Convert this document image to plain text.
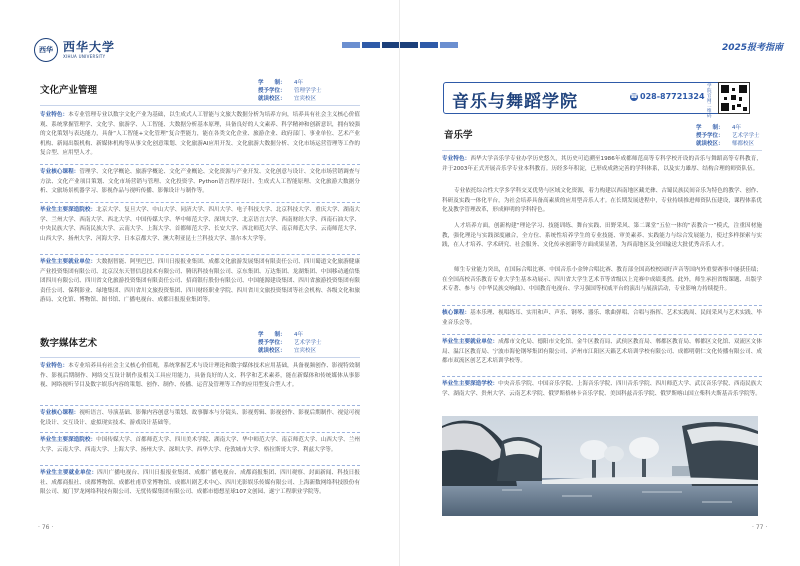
西华 西华大学
XIHUA UNIVERSITY
文化产业管理
学　　制： 4年
授予学位： 管理学学士
就读校区： 宜宾校区
专业特色：本专业管理专业以数字文化产业为基础，以生成式人工智能与文旅大数据分析为培养方向，培养具有社会主义核心价值观、系统掌握管理学、文化学、旅游学、人工智能、大数据分析基本原理，具备良好的人文素养、科学精神和创新意识，拥有较强的文化策划与表达能力，具备“人工智能+文化管理”复合型能力，能在各类文化企业、旅游企业、政府部门、事业单位、艺术产业机构、新闻出版机构、新媒体机构等从事文化创意策划、文化旅游AI应用开发、文化旅游大数据分析、文化市场运营管理等工作的复合型、应用型人才。
专业核心课程：管理学、文化学概论、旅游学概论、文化产业概论、文化资源与产业开发、文化创意与设计、文化市场营销调查与方法、文化产业项目策划、文化市场营销与管理、文化投资学、Python语言程序设计、生成式人工智能原理、文化旅游大数据分析、文旅场景机器学习、影视作品与视听传播、影像设计与制作等。
毕业生主要深造院校：北京大学、复旦大学、中山大学、同济大学、四川大学、电子科技大学、北京科技大学、重庆大学、湖南大学、兰州大学、西南大学、西北大学、中国传媒大学、华中师范大学、深圳大学、北京语言大学、西南财经大学、西南石油大学、中央民族大学、西南民族大学、云南大学、上海大学、首都师范大学、长安大学、西北师范大学、南京师范大学、云南师范大学、山西大学、扬州大学、河海大学、日本京都大学、澳大利亚昆士兰科技大学、墨尔本大学等。
毕业生主要就业单位：大数据智能、阿里巴巴、四川日报报业集团、成都文化旅游发展集团有限责任公司、四川蜀道文化旅游健康产业投资集团有限公司、北京汉东天智信息技术有限公司、腾讯科技有限公司、京东集团、万达集团、龙湖集团、中国移动通信集团四川有限公司、四川省文化旅游投资集团有限责任公司、招商银行股份有限公司、中国能源建设集团、四川省旅游投资集团有限责任公司、保利影业、绿地集团、四川省川文旅投资集团、四川财经职业学院、四川省川文旅投资集团等社会机构、各级文化和旅游局、文化馆、博物馆、图书馆、广播电视台、成都日报报业集团等。
数字媒体艺术
学　　制： 4年
授予学位： 艺术学学士
就读校区： 宜宾校区
专业特色：本专业培养具有社会主义核心价值观，系统掌握艺术与设计理论和数字媒体技术应用基础，具备视频创作、影视特效制作、影视后期制作、网络交互设计制作及相关工具应用能力，具备良好的人文、科学和艺术素养，能在新媒体和传统媒体从事影视、网络视听节目及数字娱乐内容的策划、创作、制作、传播、运营及管理等工作的应用型复合型人才。
专业核心课程：视听语言、导演基础、影像内容创意与策划、故事脚本与分镜头、影视剪辑、影视创作、影视后期制作、视觉可视化设计、交互设计、虚拟现实技术、游戏设计基础等。
毕业生主要深造院校：中国传媒大学、首都师范大学、四川美术学院、湖南大学、华中师范大学、南京师范大学、山西大学、兰州大学、云南大学、西南大学、上海大学、扬州大学、深圳大学、西华大学、伦敦城市大学、格拉斯哥大学、利兹大学等。
毕业生主要就业单位：四川广播电视台、四川日报报业集团、成都广播电视台、成都商报集团、四川观察、封面新闻、科技日报社、成都商报社、成都博物馆、成都杜甫草堂博物馆、成都川剧艺术中心、四川光影娱乐传媒有限公司、上海新数网络科技股份有限公司、厦门罗龙网络科技有限公司、无忧传媒集团有限公司、成都市德想星球107文创园、遂宁工程职业学院等。
· 76 ·
2025报考指南
音乐与舞蹈学院	☎ 028-87721324
学院官网二维码
音乐学
学　　制： 4年
授予学位： 艺术学学士
就读校区： 郫都校区
专业特色：西华大学音乐学专业办学历史悠久，其历史可追溯至1986年成都师范高等专科学校开设的音乐与舞蹈高等专科教育，并于2003年正式开展音乐学专业本科教育。历经多年积淀，已形成成熟完善的学科体系，以及实力雄厚、结构合理的师资队伍。
专业依托综合性大学多学科交叉优势与区域文化资源，着力构建以西南地区藏羌彝、古蜀民族民间音乐为特色的教学、创作、科研及实践一体化平台，为社会培养具备高素质的应用型音乐人才。在长期发展进程中，专业持续推进师资队伍建设，课程体系优化及教学管理改革，形成鲜明的学科特色。
人才培养方面，创新构建“理论学习、技能训练、舞台实践、田野采风、第二课堂”五位一体的“表教合一”模式，注重因材施教，强化理论与实践深度融合，全方位、系统性培养学生的专业技能、审美素养、实践能力与综合发展能力，使过多样探索与实践，在人才培养、学术研究、社会服务、文化传承创新等方面成果显著，为西南地区及全国输送大批优秀音乐人才。
师生专业能力突出，在国际合唱比赛、中国音乐小金钟合唱比赛、教育部全国高校校园好声音等国内外重要赛事中屡获佳绩；在全国高校音乐教育专业大学生基本功展示、四川省大学生艺术节等省级以上竞赛中成绩斐然。此外，师生承担省级课题、出版学术专著、参与《中华民族交响曲》、中国教育电视台、学习强国等权威平台的演出与展演活动，专业影响力持续提升。
核心课程：基本乐理、视唱练耳、实用和声、声乐、钢琴、器乐、歌曲弹唱、合唱与指挥、艺术实践周、民间采风与艺术实践、毕业音乐会等。
毕业生主要就业单位：成都市文化局、德阳市文化馆、金牛区教育局、武侯区教育局、郫都区教育局、郫都区文化馆、双流区文体局、温江区教育局、宁波市海伦钢琴集团有限公司、泸州市江阳区天籁艺术培训学校有限公司、成都明朝仁文化传播有限公司、成都市双流区创艺艺术培训学校等。
毕业生主要深造学校：中央音乐学院、中国音乐学院、上海音乐学院、四川音乐学院、四川师范大学、武汉音乐学院、西南民族大学、湖南大学、贵州大学、云南艺术学院、俄罗斯格林卡音乐学院、美国科兹音乐学院、俄罗斯喀山国立柴科夫斯基音乐学院等。
· 77 ·
